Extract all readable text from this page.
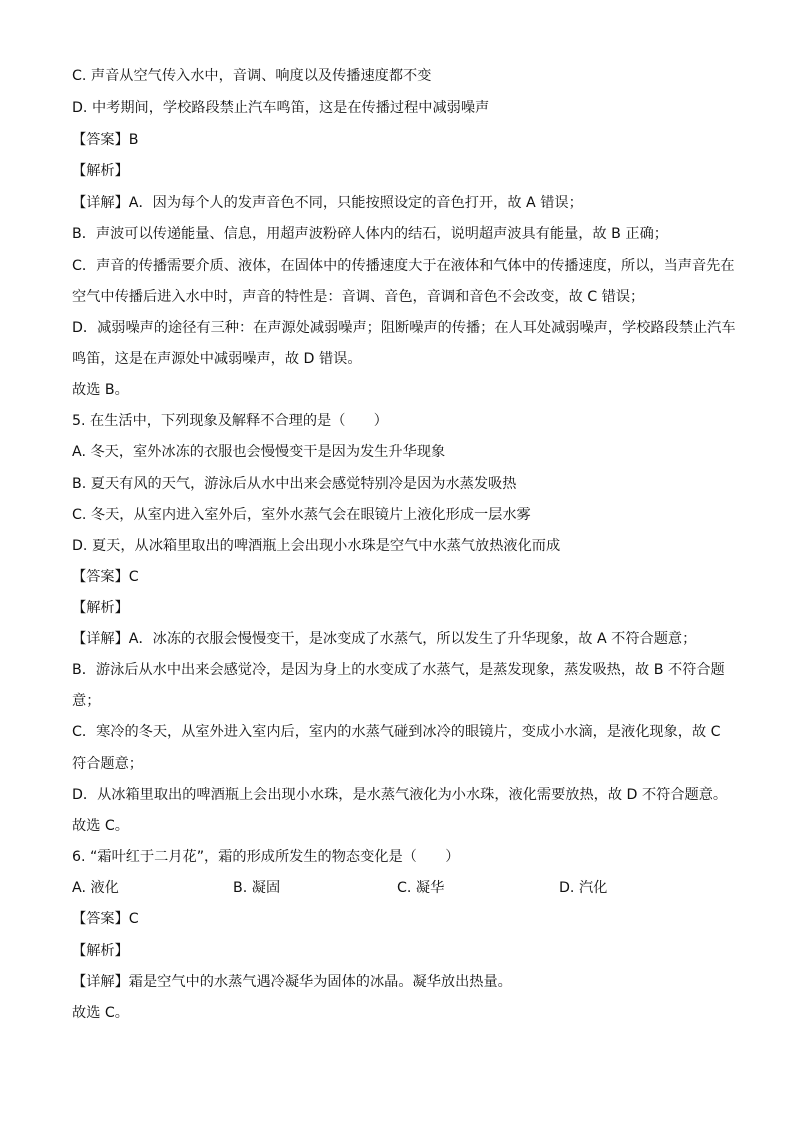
C. 声音从空气传入水中，音调、响度以及传播速度都不变
D. 中考期间，学校路段禁止汽车鸣笛，这是在传播过程中减弱噪声
【答案】B
【解析】
【详解】A．因为每个人的发声音色不同，只能按照设定的音色打开，故 A 错误；
B．声波可以传递能量、信息，用超声波粉碎人体内的结石，说明超声波具有能量，故 B 正确；
C．声音的传播需要介质、液体，在固体中的传播速度大于在液体和气体中的传播速度，所以，当声音先在
空气中传播后进入水中时，声音的特性是：音调、音色，音调和音色不会改变，故 C 错误；
D．减弱噪声的途径有三种：在声源处减弱噪声；阻断噪声的传播；在人耳处减弱噪声，学校路段禁止汽车
鸣笛，这是在声源处中减弱噪声，故 D 错误。
故选 B。
5. 在生活中，下列现象及解释不合理的是（　　）
A. 冬天，室外冰冻的衣服也会慢慢变干是因为发生升华现象
B. 夏天有风的天气，游泳后从水中出来会感觉特别冷是因为水蒸发吸热
C. 冬天，从室内进入室外后，室外水蒸气会在眼镜片上液化形成一层水雾
D. 夏天，从冰箱里取出的啤酒瓶上会出现小水珠是空气中水蒸气放热液化而成
【答案】C
【解析】
【详解】A．冰冻的衣服会慢慢变干，是冰变成了水蒸气，所以发生了升华现象，故 A 不符合题意；
B．游泳后从水中出来会感觉冷，是因为身上的水变成了水蒸气，是蒸发现象，蒸发吸热，故 B 不符合题
意；
C．寒冷的冬天，从室外进入室内后，室内的水蒸气碰到冰冷的眼镜片，变成小水滴，是液化现象，故 C
符合题意；
D．从冰箱里取出的啤酒瓶上会出现小水珠，是水蒸气液化为小水珠，液化需要放热，故 D 不符合题意。
故选 C。
6. “霜叶红于二月花”，霜的形成所发生的物态变化是（　　）
A. 液化	B. 凝固	C. 凝华	D. 汽化
【答案】C
【解析】
【详解】霜是空气中的水蒸气遇冷凝华为固体的冰晶。凝华放出热量。
故选 C。
